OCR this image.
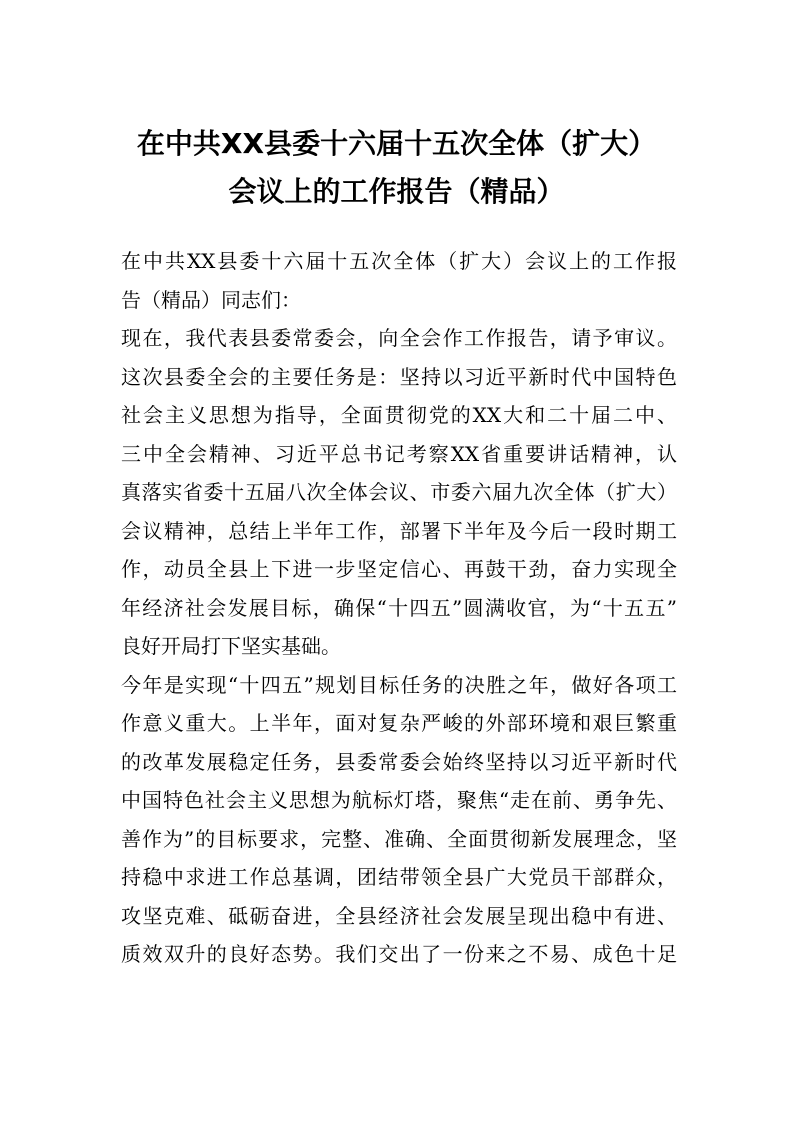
在中共XX县委十六届十五次全体（扩大）
会议上的工作报告（精品）
在中共XX县委十六届十五次全体（扩大）会议上的工作报
告（精品）同志们：
现在，我代表县委常委会，向全会作工作报告，请予审议。
这次县委全会的主要任务是：坚持以习近平新时代中国特色
社会主义思想为指导，全面贯彻党的XX大和二十届二中、
三中全会精神、习近平总书记考察XX省重要讲话精神，认
真落实省委十五届八次全体会议、市委六届九次全体（扩大）
会议精神，总结上半年工作，部署下半年及今后一段时期工
作，动员全县上下进一步坚定信心、再鼓干劲，奋力实现全
年经济社会发展目标，确保“十四五”圆满收官，为“十五五”
良好开局打下坚实基础。
今年是实现“十四五”规划目标任务的决胜之年，做好各项工
作意义重大。上半年，面对复杂严峻的外部环境和艰巨繁重
的改革发展稳定任务，县委常委会始终坚持以习近平新时代
中国特色社会主义思想为航标灯塔，聚焦“走在前、勇争先、
善作为”的目标要求，完整、准确、全面贯彻新发展理念，坚
持稳中求进工作总基调，团结带领全县广大党员干部群众，
攻坚克难、砥砺奋进，全县经济社会发展呈现出稳中有进、
质效双升的良好态势。我们交出了一份来之不易、成色十足
